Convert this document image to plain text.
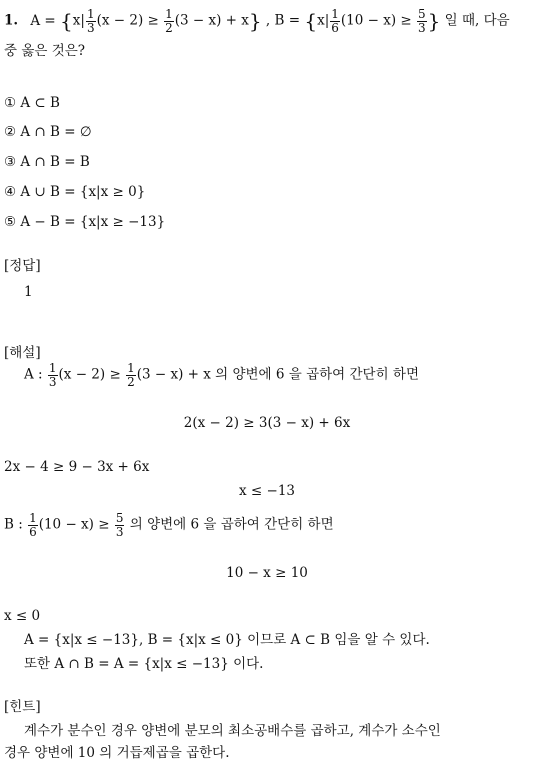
1. $A = \{x| \frac{1}{3} (x - 2) \ge \frac{1}{2} (3 - x) + x\}$ , $B = \{x| \frac{1}{6} (10 - x) \ge \frac{5}{3}$ } 일 때, 다음
중 옳은 것은?
① A ⊂ B
② A ∩ B = ∅
③ A ∩ B = B
④ A ∪ B = {x|x ≥ 0}
⑤ A − B = {x|x ≥ −13}
[정답]
1
[해설]
A : $\frac{1}{3} (x - 2) \ge \frac{1}{2} (3 - x) + x$ 의 양변에 6 을 곱하여 간단히 하면
2(x − 2) ≥ 3(3 − x) + 6x
2x − 4 ≥ 9 − 3x + 6x
x ≤ −13
B : $\frac{1}{6} (10 - x) \ge \frac{5}{3}$ 의 양변에 6 을 곱하여 간단히 하면
10 − x ≥ 10
x ≤ 0
A = {x|x ≤ −13}, B = {x|x ≤ 0} 이므로 A ⊂ B 임을 알 수 있다.
또한 A ∩ B = A = {x|x ≤ −13} 이다.
[힌트]
계수가 분수인 경우 양변에 분모의 최소공배수를 곱하고, 계수가 소수인
경우 양변에 10 의 거듭제곱을 곱한다.
